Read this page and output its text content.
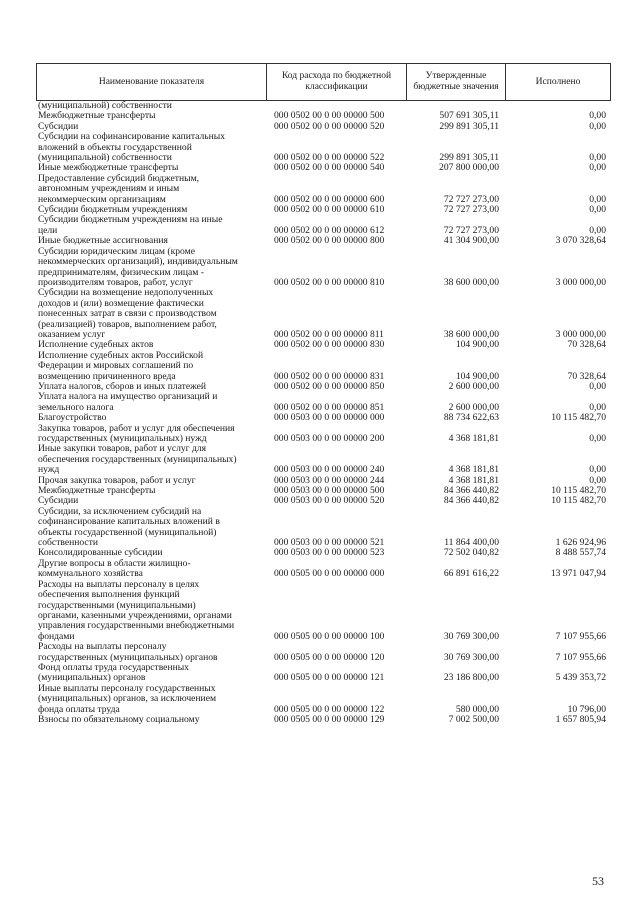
Наименование показателя	Код расхода по бюджетной классификации	Утвержденные бюджетные значения	Исполнено
(муниципальной) собственности
Межбюджетные трансферты	000 0502 00 0 00 00000 500	507 691 305,11	0,00
Субсидии	000 0502 00 0 00 00000 520	299 891 305,11	0,00
Субсидии на софинансирование капитальных
вложений в объекты государственной
(муниципальной) собственности	000 0502 00 0 00 00000 522	299 891 305,11	0,00
Иные межбюджетные трансферты	000 0502 00 0 00 00000 540	207 800 000,00	0,00
Предоставление субсидий бюджетным,
автономным учреждениям и иным
некоммерческим организациям	000 0502 00 0 00 00000 600	72 727 273,00	0,00
Субсидии бюджетным учреждениям	000 0502 00 0 00 00000 610	72 727 273,00	0,00
Субсидии бюджетным учреждениям на иные
цели	000 0502 00 0 00 00000 612	72 727 273,00	0,00
Иные бюджетные ассигнования	000 0502 00 0 00 00000 800	41 304 900,00	3 070 328,64
Субсидии юридическим лицам (кроме
некоммерческих организаций), индивидуальным
предпринимателям, физическим лицам -
производителям товаров, работ, услуг	000 0502 00 0 00 00000 810	38 600 000,00	3 000 000,00
Субсидии на возмещение недополученных
доходов и (или) возмещение фактически
понесенных затрат в связи с производством
(реализацией) товаров, выполнением работ,
оказанием услуг	000 0502 00 0 00 00000 811	38 600 000,00	3 000 000,00
Исполнение судебных актов	000 0502 00 0 00 00000 830	104 900,00	70 328,64
Исполнение судебных актов Российской
Федерации и мировых соглашений по
возмещению причиненного вреда	000 0502 00 0 00 00000 831	104 900,00	70 328,64
Уплата налогов, сборов и иных платежей	000 0502 00 0 00 00000 850	2 600 000,00	0,00
Уплата налога на имущество организаций и
земельного налога	000 0502 00 0 00 00000 851	2 600 000,00	0,00
Благоустройство	000 0503 00 0 00 00000 000	88 734 622,63	10 115 482,70
Закупка товаров, работ и услуг для обеспечения
государственных (муниципальных) нужд	000 0503 00 0 00 00000 200	4 368 181,81	0,00
Иные закупки товаров, работ и услуг для
обеспечения государственных (муниципальных)
нужд	000 0503 00 0 00 00000 240	4 368 181,81	0,00
Прочая закупка товаров, работ и услуг	000 0503 00 0 00 00000 244	4 368 181,81	0,00
Межбюджетные трансферты	000 0503 00 0 00 00000 500	84 366 440,82	10 115 482,70
Субсидии	000 0503 00 0 00 00000 520	84 366 440,82	10 115 482,70
Субсидии, за исключением субсидий на
софинансирование капитальных вложений в
объекты государственной (муниципальной)
собственности	000 0503 00 0 00 00000 521	11 864 400,00	1 626 924,96
Консолидированные субсидии	000 0503 00 0 00 00000 523	72 502 040,82	8 488 557,74
Другие вопросы в области жилищно-
коммунального хозяйства	000 0505 00 0 00 00000 000	66 891 616,22	13 971 047,94
Расходы на выплаты персоналу в целях
обеспечения выполнения функций
государственными (муниципальными)
органами, казенными учреждениями, органами
управления государственными внебюджетными
фондами	000 0505 00 0 00 00000 100	30 769 300,00	7 107 955,66
Расходы на выплаты персоналу
государственных (муниципальных) органов	000 0505 00 0 00 00000 120	30 769 300,00	7 107 955,66
Фонд оплаты труда государственных
(муниципальных) органов	000 0505 00 0 00 00000 121	23 186 800,00	5 439 353,72
Иные выплаты персоналу государственных
(муниципальных) органов, за исключением
фонда оплаты труда	000 0505 00 0 00 00000 122	580 000,00	10 796,00
Взносы по обязательному социальному	000 0505 00 0 00 00000 129	7 002 500,00	1 657 805,94
53
